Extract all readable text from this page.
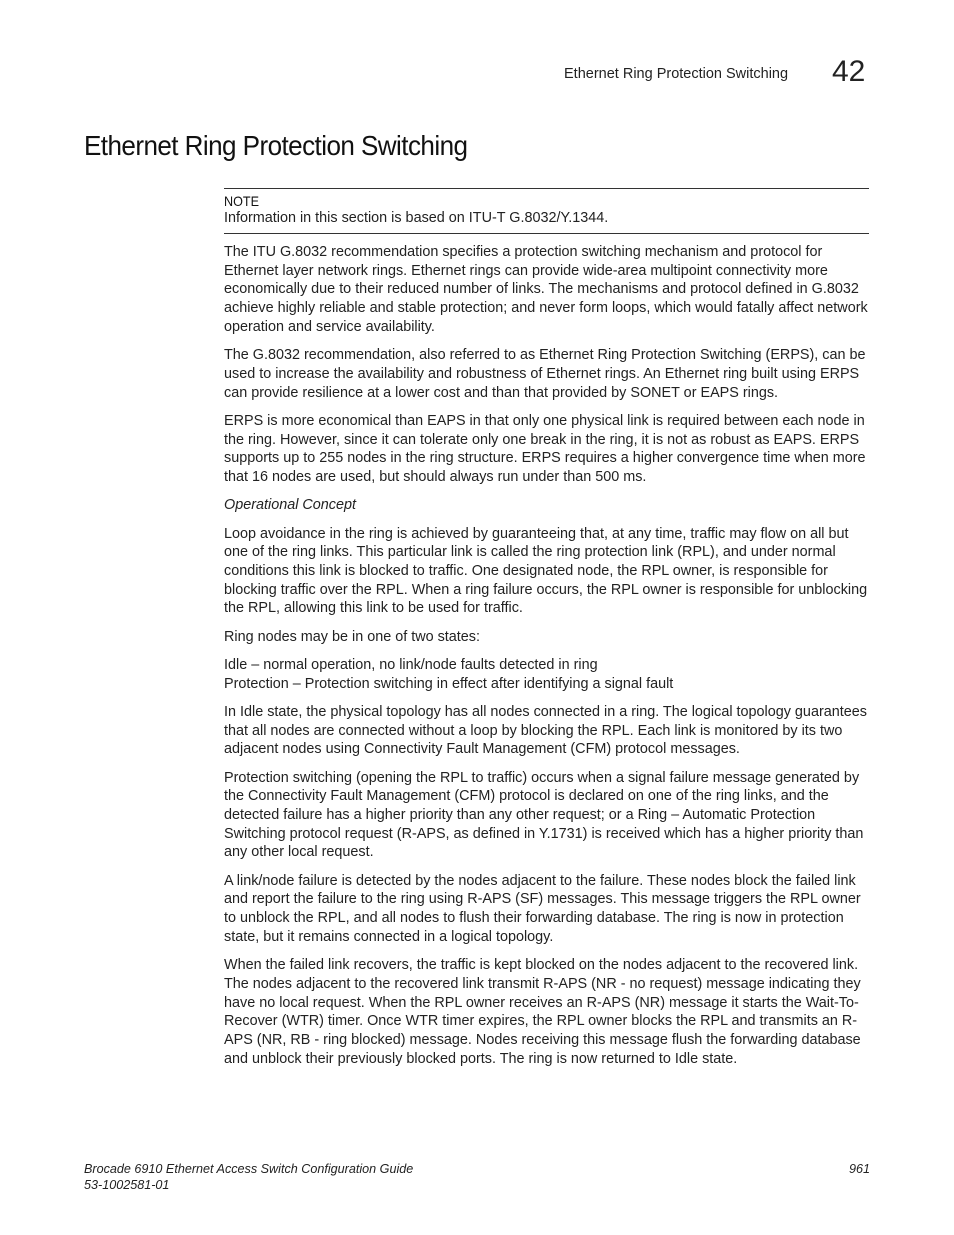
Ethernet Ring Protection Switching 42
Ethernet Ring Protection Switching
NOTE
Information in this section is based on ITU-T G.8032/Y.1344.

The ITU G.8032 recommendation specifies a protection switching mechanism and protocol for Ethernet layer network rings. Ethernet rings can provide wide-area multipoint connectivity more economically due to their reduced number of links. The mechanisms and protocol defined in G.8032 achieve highly reliable and stable protection; and never form loops, which would fatally affect network operation and service availability.

The G.8032 recommendation, also referred to as Ethernet Ring Protection Switching (ERPS), can be used to increase the availability and robustness of Ethernet rings. An Ethernet ring built using ERPS can provide resilience at a lower cost and than that provided by SONET or EAPS rings.

ERPS is more economical than EAPS in that only one physical link is required between each node in the ring. However, since it can tolerate only one break in the ring, it is not as robust as EAPS. ERPS supports up to 255 nodes in the ring structure. ERPS requires a higher convergence time when more that 16 nodes are used, but should always run under than 500 ms.

Operational Concept

Loop avoidance in the ring is achieved by guaranteeing that, at any time, traffic may flow on all but one of the ring links. This particular link is called the ring protection link (RPL), and under normal conditions this link is blocked to traffic. One designated node, the RPL owner, is responsible for blocking traffic over the RPL. When a ring failure occurs, the RPL owner is responsible for unblocking the RPL, allowing this link to be used for traffic.

Ring nodes may be in one of two states:

Idle – normal operation, no link/node faults detected in ring

Protection – Protection switching in effect after identifying a signal fault

In Idle state, the physical topology has all nodes connected in a ring. The logical topology guarantees that all nodes are connected without a loop by blocking the RPL. Each link is monitored by its two adjacent nodes using Connectivity Fault Management (CFM) protocol messages.

Protection switching (opening the RPL to traffic) occurs when a signal failure message generated by the Connectivity Fault Management (CFM) protocol is declared on one of the ring links, and the detected failure has a higher priority than any other request; or a Ring – Automatic Protection Switching protocol request (R-APS, as defined in Y.1731) is received which has a higher priority than any other local request.

A link/node failure is detected by the nodes adjacent to the failure. These nodes block the failed link and report the failure to the ring using R-APS (SF) messages. This message triggers the RPL owner to unblock the RPL, and all nodes to flush their forwarding database. The ring is now in protection state, but it remains connected in a logical topology.

When the failed link recovers, the traffic is kept blocked on the nodes adjacent to the recovered link. The nodes adjacent to the recovered link transmit R-APS (NR - no request) message indicating they have no local request. When the RPL owner receives an R-APS (NR) message it starts the Wait-To-Recover (WTR) timer. Once WTR timer expires, the RPL owner blocks the RPL and transmits an R-APS (NR, RB - ring blocked) message. Nodes receiving this message flush the forwarding database and unblock their previously blocked ports. The ring is now returned to Idle state.

Brocade 6910 Ethernet Access Switch Configuration Guide
53-1002581-01
961
